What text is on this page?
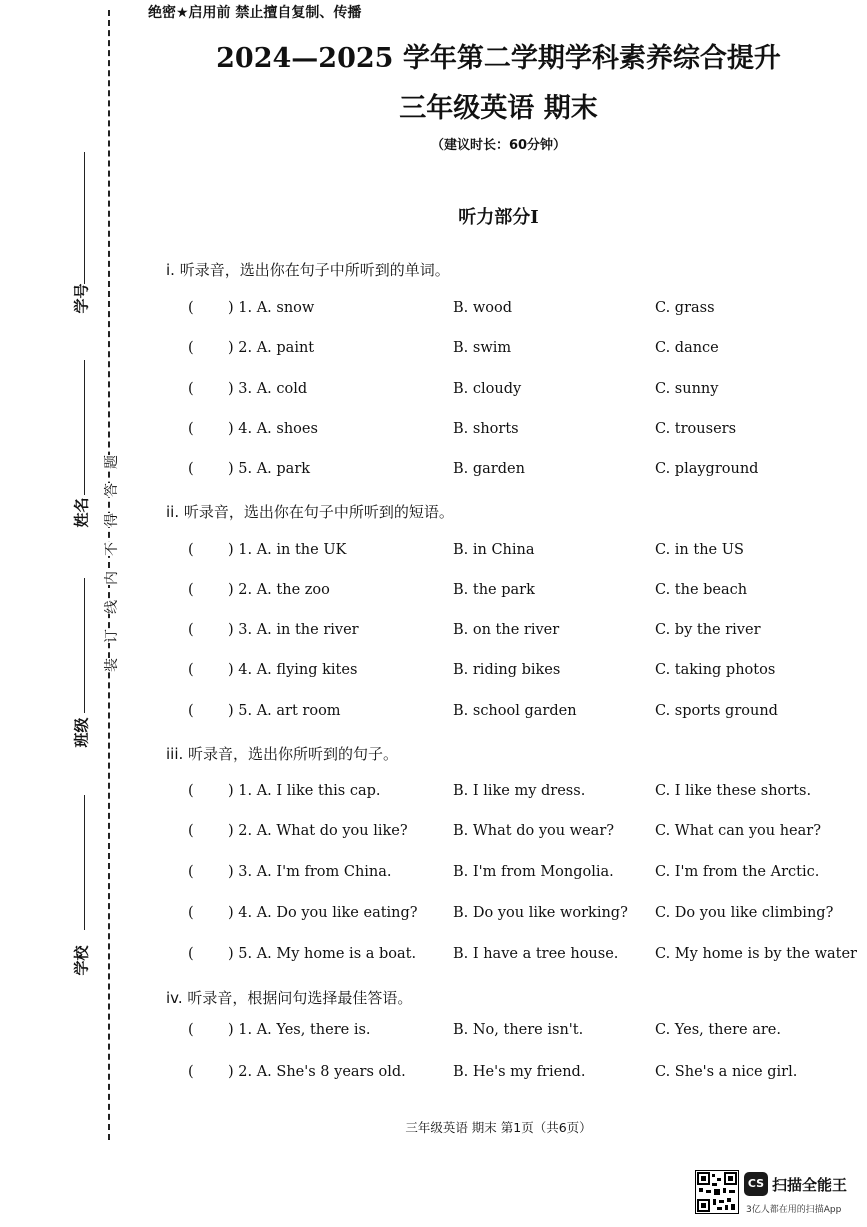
学号
姓名
班级
学校
题
答
得
不
内
线
订
装
绝密★启用前 禁止擅自复制、传播
2024—2025 学年第二学期学科素养综合提升
三年级英语 期末
（建议时长：60分钟）
听力部分I
i. 听录音，选出你在句子中所听到的单词。
( ) 1. A. snow	B. wood	C. grass
( ) 2. A. paint	B. swim	C. dance
( ) 3. A. cold	B. cloudy	C. sunny
( ) 4. A. shoes	B. shorts	C. trousers
( ) 5. A. park	B. garden	C. playground
ii. 听录音，选出你在句子中所听到的短语。
( ) 1. A. in the UK	B. in China	C. in the US
( ) 2. A. the zoo	B. the park	C. the beach
( ) 3. A. in the river	B. on the river	C. by the river
( ) 4. A. flying kites	B. riding bikes	C. taking photos
( ) 5. A. art room	B. school garden	C. sports ground
iii. 听录音，选出你所听到的句子。
( ) 1. A. I like this cap.	B. I like my dress.	C. I like these shorts.
( ) 2. A. What do you like?	B. What do you wear?	C. What can you hear?
( ) 3. A. I'm from China.	B. I'm from Mongolia.	C. I'm from the Arctic.
( ) 4. A. Do you like eating? B. Do you like working? C. Do you like climbing?
( ) 5. A. My home is a boat.	B. I have a tree house.	C. My home is by the water
iv. 听录音，根据问句选择最佳答语。
( ) 1. A. Yes, there is.	B. No, there isn't.	C. Yes, there are.
( ) 2. A. She's 8 years old.	B. He's my friend.	C. She's a nice girl.
三年级英语 期末 第1页（共6页）
CS 扫描全能王
3亿人都在用的扫描App
